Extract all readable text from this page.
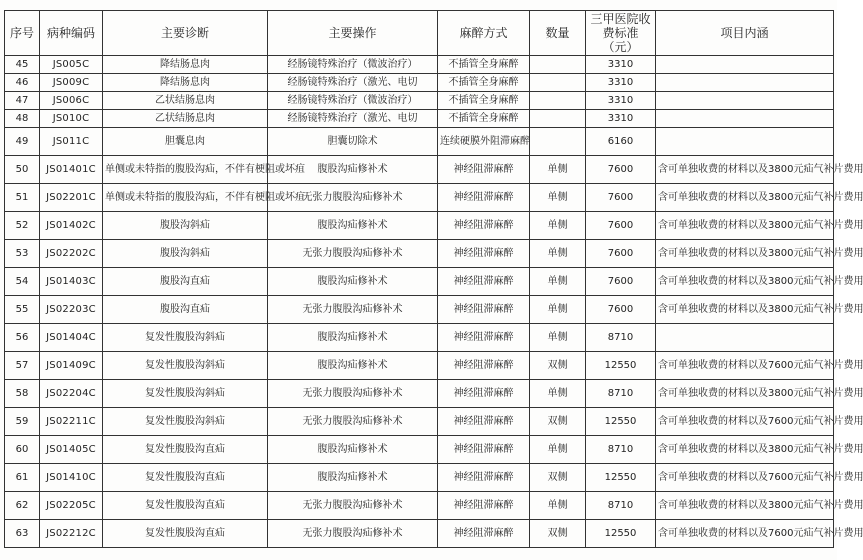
序号	病种编码	主要诊断	主要操作	麻醉方式	数量	三甲医院收费标准（元）	项目内涵
45	JS005C	降结肠息肉	经肠镜特殊治疗（微波治疗）	不插管全身麻醉		3310	
46	JS009C	降结肠息肉	经肠镜特殊治疗（激光、电切	不插管全身麻醉		3310	
47	JS006C	乙状结肠息肉	经肠镜特殊治疗（微波治疗）	不插管全身麻醉		3310	
48	JS010C	乙状结肠息肉	经肠镜特殊治疗（激光、电切	不插管全身麻醉		3310	
49	JS011C	胆囊息肉	胆囊切除术	连续硬膜外阻滞麻醉		6160	
50	JS01401C	单侧或未特指的腹股沟疝，不伴有梗阻或坏疽	腹股沟疝修补术	神经阻滞麻醉	单侧	7600	含可单独收费的材料以及3800元疝气补片费用
51	JS02201C	单侧或未特指的腹股沟疝，不伴有梗阻或坏疽	无张力腹股沟疝修补术	神经阻滞麻醉	单侧	7600	含可单独收费的材料以及3800元疝气补片费用
52	JS01402C	腹股沟斜疝	腹股沟疝修补术	神经阻滞麻醉	单侧	7600	含可单独收费的材料以及3800元疝气补片费用
53	JS02202C	腹股沟斜疝	无张力腹股沟疝修补术	神经阻滞麻醉	单侧	7600	含可单独收费的材料以及3800元疝气补片费用
54	JS01403C	腹股沟直疝	腹股沟疝修补术	神经阻滞麻醉	单侧	7600	含可单独收费的材料以及3800元疝气补片费用
55	JS02203C	腹股沟直疝	无张力腹股沟疝修补术	神经阻滞麻醉	单侧	7600	含可单独收费的材料以及3800元疝气补片费用
56	JS01404C	复发性腹股沟斜疝	腹股沟疝修补术	神经阻滞麻醉	单侧	8710	
57	JS01409C	复发性腹股沟斜疝	腹股沟疝修补术	神经阻滞麻醉	双侧	12550	含可单独收费的材料以及7600元疝气补片费用
58	JS02204C	复发性腹股沟斜疝	无张力腹股沟疝修补术	神经阻滞麻醉	单侧	8710	含可单独收费的材料以及3800元疝气补片费用
59	JS02211C	复发性腹股沟斜疝	无张力腹股沟疝修补术	神经阻滞麻醉	双侧	12550	含可单独收费的材料以及7600元疝气补片费用
60	JS01405C	复发性腹股沟直疝	腹股沟疝修补术	神经阻滞麻醉	单侧	8710	含可单独收费的材料以及3800元疝气补片费用
61	JS01410C	复发性腹股沟直疝	腹股沟疝修补术	神经阻滞麻醉	双侧	12550	含可单独收费的材料以及7600元疝气补片费用
62	JS02205C	复发性腹股沟直疝	无张力腹股沟疝修补术	神经阻滞麻醉	单侧	8710	含可单独收费的材料以及3800元疝气补片费用
63	JS02212C	复发性腹股沟直疝	无张力腹股沟疝修补术	神经阻滞麻醉	双侧	12550	含可单独收费的材料以及7600元疝气补片费用
